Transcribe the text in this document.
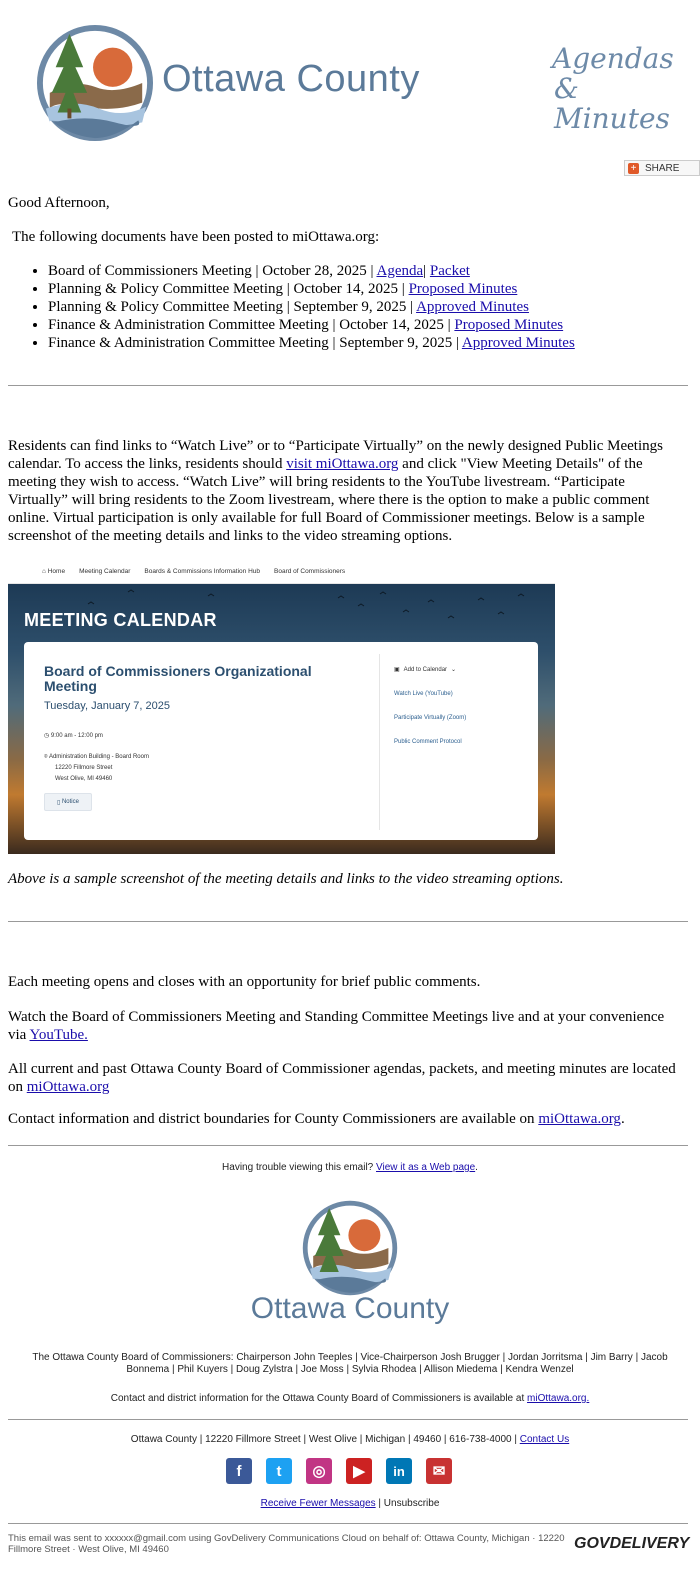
Ottawa County	Agendas
& Minutes
+ SHARE
Good Afternoon,
The following documents have been posted to miOttawa.org:
• Board of Commissioners Meeting | October 28, 2025 | Agenda| Packet
• Planning & Policy Committee Meeting | October 14, 2025 | Proposed Minutes
• Planning & Policy Committee Meeting | September 9, 2025 | Approved Minutes
• Finance & Administration Committee Meeting | October 14, 2025 | Proposed Minutes
• Finance & Administration Committee Meeting | September 9, 2025 | Approved Minutes
Residents can find links to “Watch Live” or to “Participate Virtually” on the newly designed Public Meetings calendar. To access the links, residents should visit miOttawa.org and click "View Meeting Details" of the meeting they wish to access. “Watch Live” will bring residents to the YouTube livestream. “Participate Virtually” will bring residents to the Zoom livestream, where there is the option to make a public comment online. Virtual participation is only available for full Board of Commissioner meetings. Below is a sample screenshot of the meeting details and links to the video streaming options.
⌂ Home Meeting Calendar Boards & Commissions Information Hub Board of Commissioners
MEETING CALENDAR
Board of Commissioners Organizational Meeting
Tuesday, January 7, 2025
◷ 9:00 am - 12:00 pm
⌾ Administration Building - Board Room
12220 Fillmore Street
West Olive, MI 49460
▯ Notice
▣ Add to Calendar ⌄
Watch Live (YouTube)
Participate Virtually (Zoom)
Public Comment Protocol
Above is a sample screenshot of the meeting details and links to the video streaming options.
Each meeting opens and closes with an opportunity for brief public comments.
Watch the Board of Commissioners Meeting and Standing Committee Meetings live and at your convenience via YouTube.
All current and past Ottawa County Board of Commissioner agendas, packets, and meeting minutes are located on miOttawa.org
Contact information and district boundaries for County Commissioners are available on miOttawa.org.
Having trouble viewing this email? View it as a Web page.
Ottawa County
The Ottawa County Board of Commissioners: Chairperson John Teeples | Vice-Chairperson Josh Brugger | Jordan Jorritsma | Jim Barry | Jacob Bonnema | Phil Kuyers | Doug Zylstra | Joe Moss | Sylvia Rhodea | Allison Miedema | Kendra Wenzel
Contact and district information for the Ottawa County Board of Commissioners is available at miOttawa.org.
Ottawa County | 12220 Fillmore Street | West Olive | Michigan | 49460 | 616-738-4000 | Contact Us
f	t	◎	▶	in	✉
Receive Fewer Messages | Unsubscribe
This email was sent to xxxxxx@gmail.com using GovDelivery Communications Cloud on behalf of: Ottawa County, Michigan · 12220 Fillmore Street · West Olive, MI 49460	GOVDELIVERY
